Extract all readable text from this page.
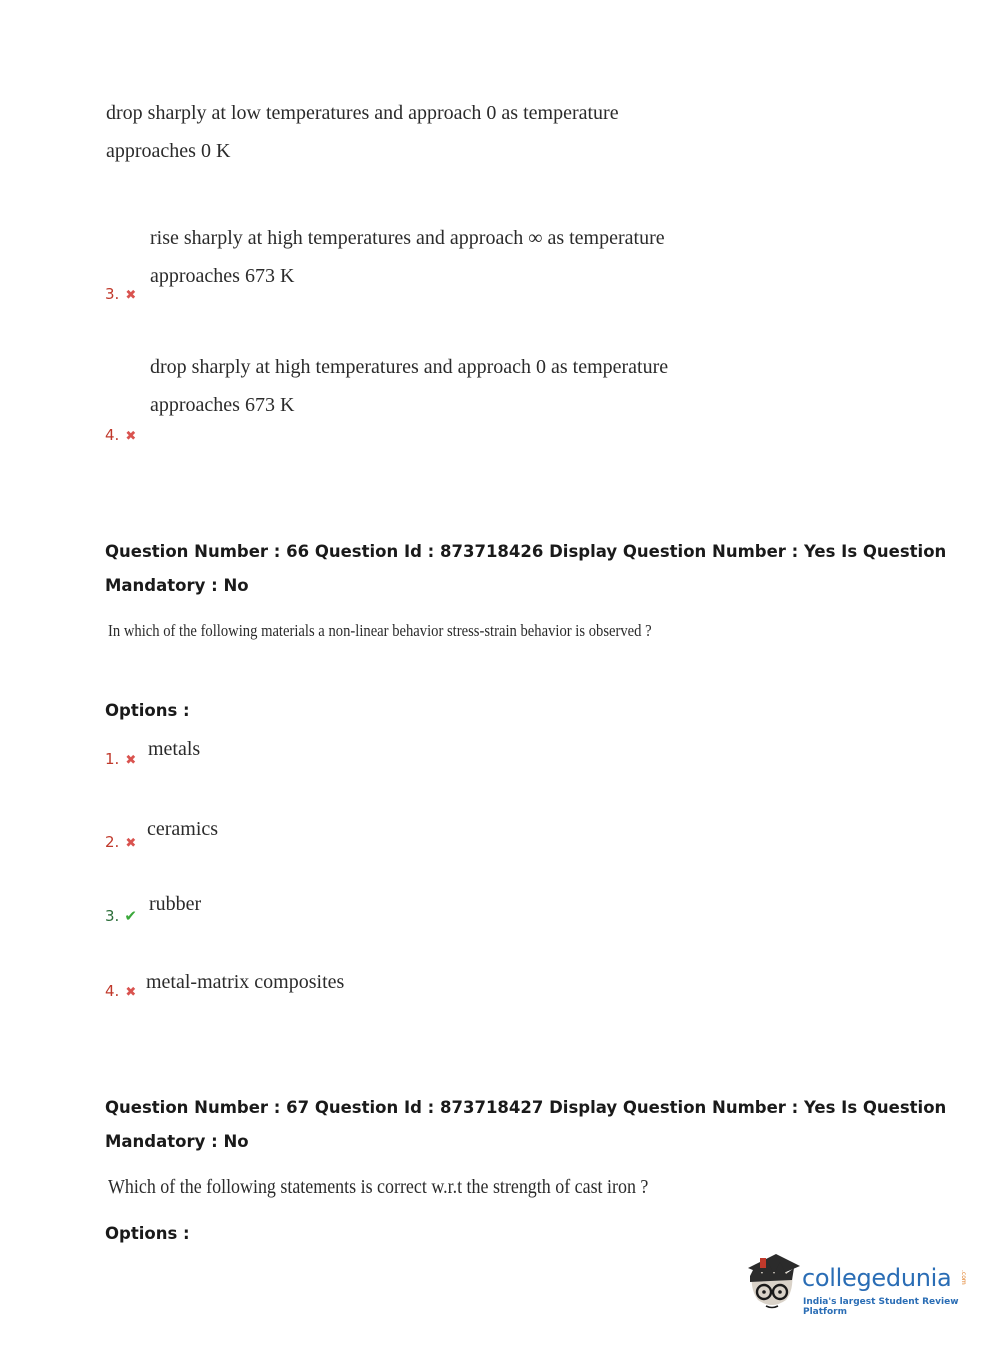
drop sharply at low temperatures and approach 0 as temperature
approaches 0 K
rise sharply at high temperatures and approach ∞ as temperature
approaches 673 K
3. ✖
drop sharply at high temperatures and approach 0 as temperature
approaches 673 K
4. ✖
Question Number : 66 Question Id : 873718426 Display Question Number : Yes Is Question
Mandatory : No
In which of the following materials a non-linear behavior stress-strain behavior is observed ?
Options :
1. ✖
metals
2. ✖
ceramics
3. ✔
rubber
4. ✖ metal-matrix composites
Question Number : 67 Question Id : 873718427 Display Question Number : Yes Is Question
Mandatory : No
Which of the following statements is correct w.r.t the strength of cast iron ?
Options :
collegedunia .com
India's largest Student Review Platform
